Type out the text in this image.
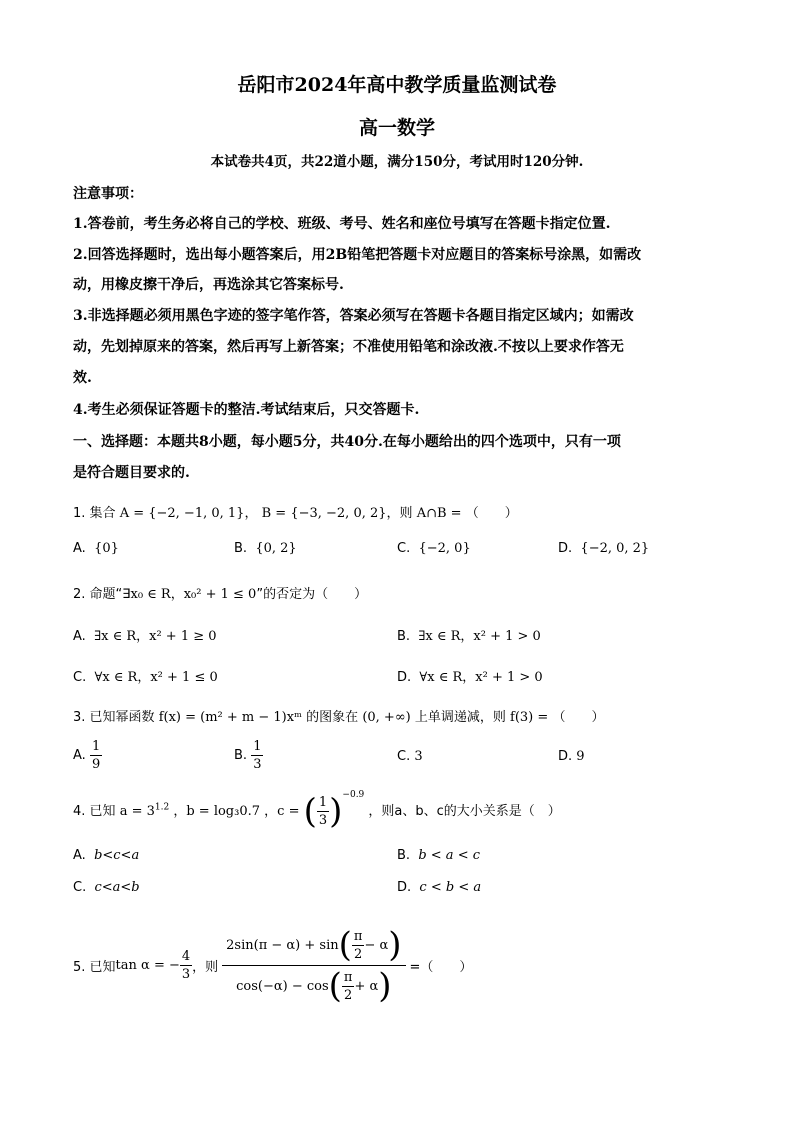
岳阳市2024年高中教学质量监测试卷
高一数学
本试卷共4页，共22道小题，满分150分，考试用时120分钟.
注意事项：
1.答卷前，考生务必将自己的学校、班级、考号、姓名和座位号填写在答题卡指定位置.
2.回答选择题时，选出每小题答案后，用2B铅笔把答题卡对应题目的答案标号涂黑，如需改
动，用橡皮擦干净后，再选涂其它答案标号.
3.非选择题必须用黑色字迹的签字笔作答，答案必须写在答题卡各题目指定区域内；如需改
动，先划掉原来的答案，然后再写上新答案；不准使用铅笔和涂改液.不按以上要求作答无
效.
4.考生必须保证答题卡的整洁.考试结束后，只交答题卡.
一、选择题：本题共8小题，每小题5分，共40分.在每小题给出的四个选项中，只有一项
是符合题目要求的.
1. 集合 A = {−2, −1, 0, 1}， B = {−3, −2, 0, 2}，则 A∩B = （　　）
A. {0}	B. {0, 2}	C. {−2, 0}	D. {−2, 0, 2}
2. 命题“∃x₀ ∈ R，x₀² + 1 ≤ 0”的否定为（　　）
A. ∃x ∈ R，x² + 1 ≥ 0	B. ∃x ∈ R，x² + 1 > 0
C. ∀x ∈ R，x² + 1 ≤ 0	D. ∀x ∈ R，x² + 1 > 0
3. 已知幂函数 f(x) = (m² + m − 1)xᵐ 的图象在 (0, +∞) 上单调递减，则 f(3) = （　　）
A. $\frac{1}{9}$	B. $\frac{1}{3}$	C. 3	D. 9
4. 已知 $a = 3^{1.2}$ ，b = log₃0.7 ，c = ( $\frac{1}{3} )^{-0.9}$ ，则a、b、c的大小关系是（　）
A. b<c<a	B. b < a < c
C. c<a<b	D. c < b < a
5. 已知 tan α = − $\frac{4}{3}$ ，则 $\frac{2\sin(\pi - \alpha) + \sin ( \frac{\pi}{2} - \alpha )}{\cos(-\alpha) - \cos ( \frac{\pi}{2} + \alpha )}$ =（　　）
